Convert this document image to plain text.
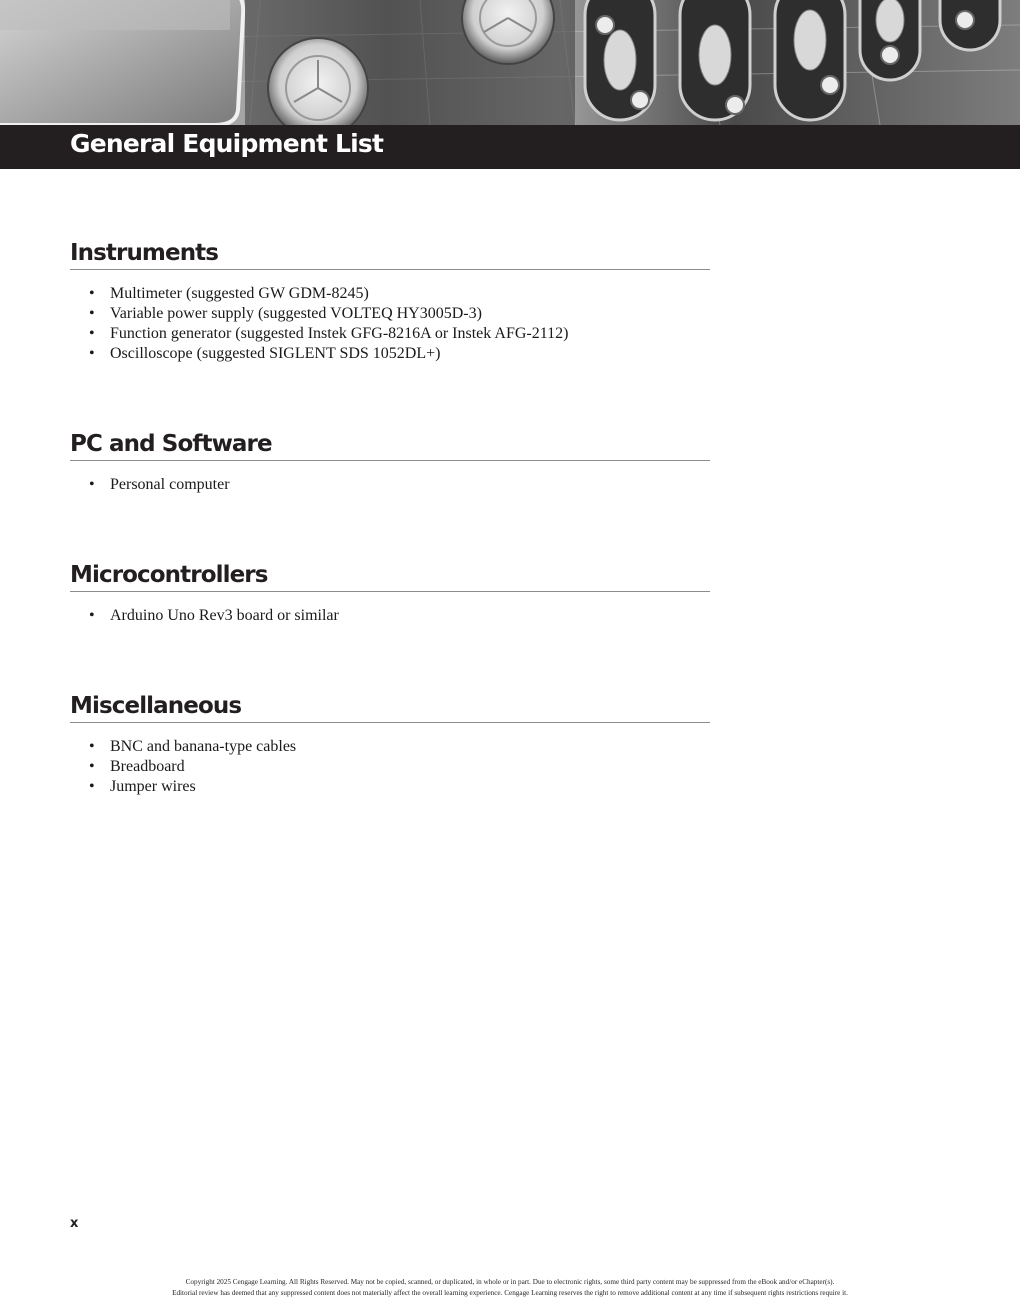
General Equipment List
Instruments
• Multimeter (suggested GW GDM-8245)
• Variable power supply (suggested VOLTEQ HY3005D-3)
• Function generator (suggested Instek GFG-8216A or Instek AFG-2112)
• Oscilloscope (suggested SIGLENT SDS 1052DL+)
PC and Software
• Personal computer
Microcontrollers
• Arduino Uno Rev3 board or similar
Miscellaneous
• BNC and banana-type cables
• Breadboard
• Jumper wires
x
Copyright 2025 Cengage Learning. All Rights Reserved. May not be copied, scanned, or duplicated, in whole or in part. Due to electronic rights, some third party content may be suppressed from the eBook and/or eChapter(s).
Editorial review has deemed that any suppressed content does not materially affect the overall learning experience. Cengage Learning reserves the right to remove additional content at any time if subsequent rights restrictions require it.
